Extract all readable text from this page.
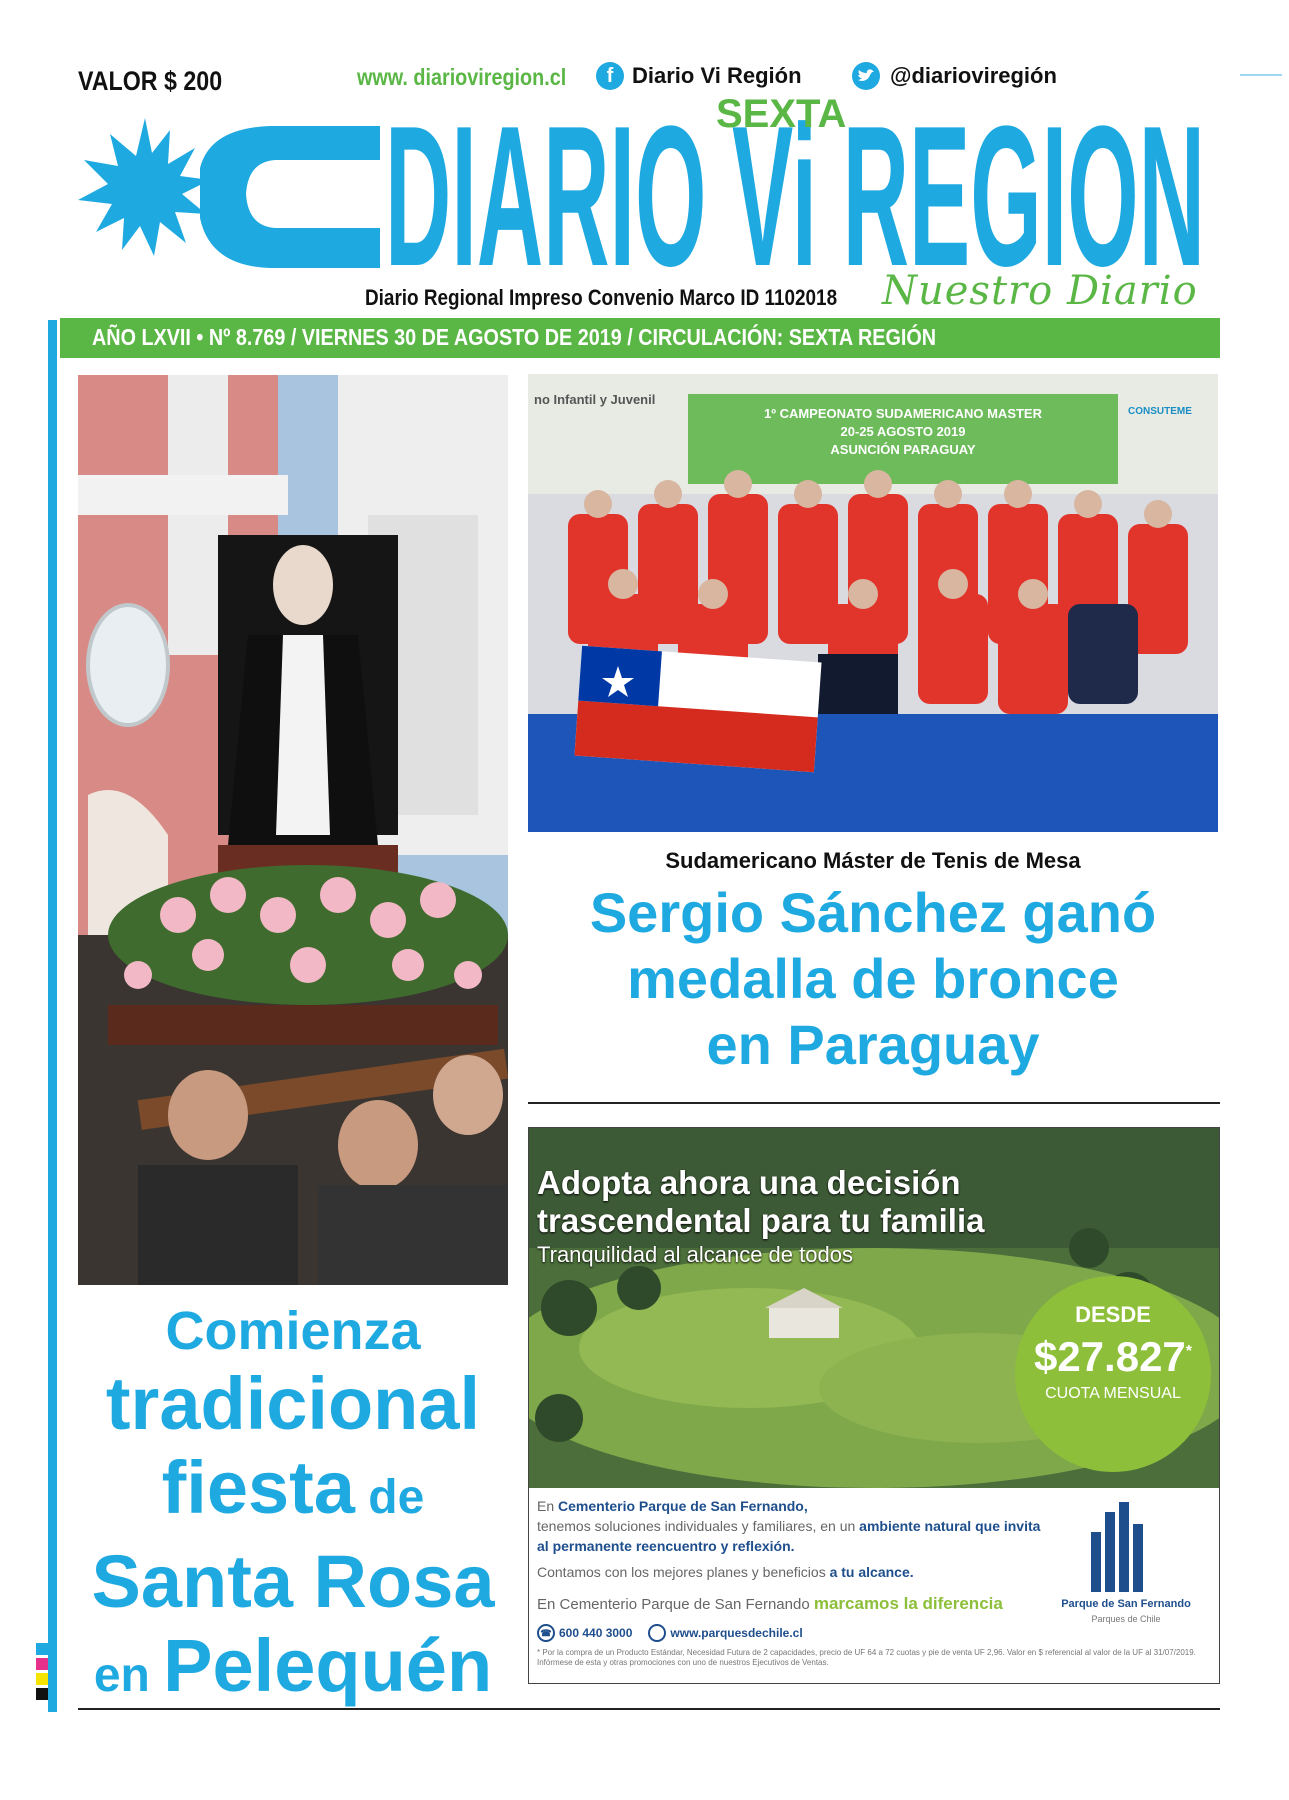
VALOR $ 200	www. diarioviregion.cl	f Diario Vi Región	@diarioviregión
DIARIO Vi REGION
SEXTA
Diario Regional Impreso Convenio Marco ID 1102018 Nuestro Diario
AÑO LXVII • Nº 8.769 / VIERNES 30 DE AGOSTO DE 2019 / CIRCULACIÓN: SEXTA REGIÓN
1º CAMPEONATO SUDAMERICANO MASTER
20-25 AGOSTO 2019
ASUNCIÓN PARAGUAY
no Infantil y Juvenil
CONSUTEME
Sudamericano Máster de Tenis de Mesa
Sergio Sánchez ganó
medalla de bronce
en Paraguay
Adopta ahora una decisión
trascendental para tu familia
Tranquilidad al alcance de todos
DESDE
$27.827*
CUOTA MENSUAL
En Cementerio Parque de San Fernando,
tenemos soluciones individuales y familiares, en un ambiente natural que invita
al permanente reencuentro y reflexión.
Contamos con los mejores planes y beneficios a tu alcance.
En Cementerio Parque de San Fernando marcamos la diferencia
☎ 600 440 3000	www.parquesdechile.cl
* Por la compra de un Producto Estándar, Necesidad Futura de 2 capacidades, precio de UF 64 a 72 cuotas y pie de venta UF 2,96. Valor en $ referencial al valor de la UF al 31/07/2019. Infórmese de esta y otras promociones con uno de nuestros Ejecutivos de Ventas.
Parque de San Fernando
Parques de Chile
Comienza
tradicional
fiesta de
Santa Rosa
en Pelequén
